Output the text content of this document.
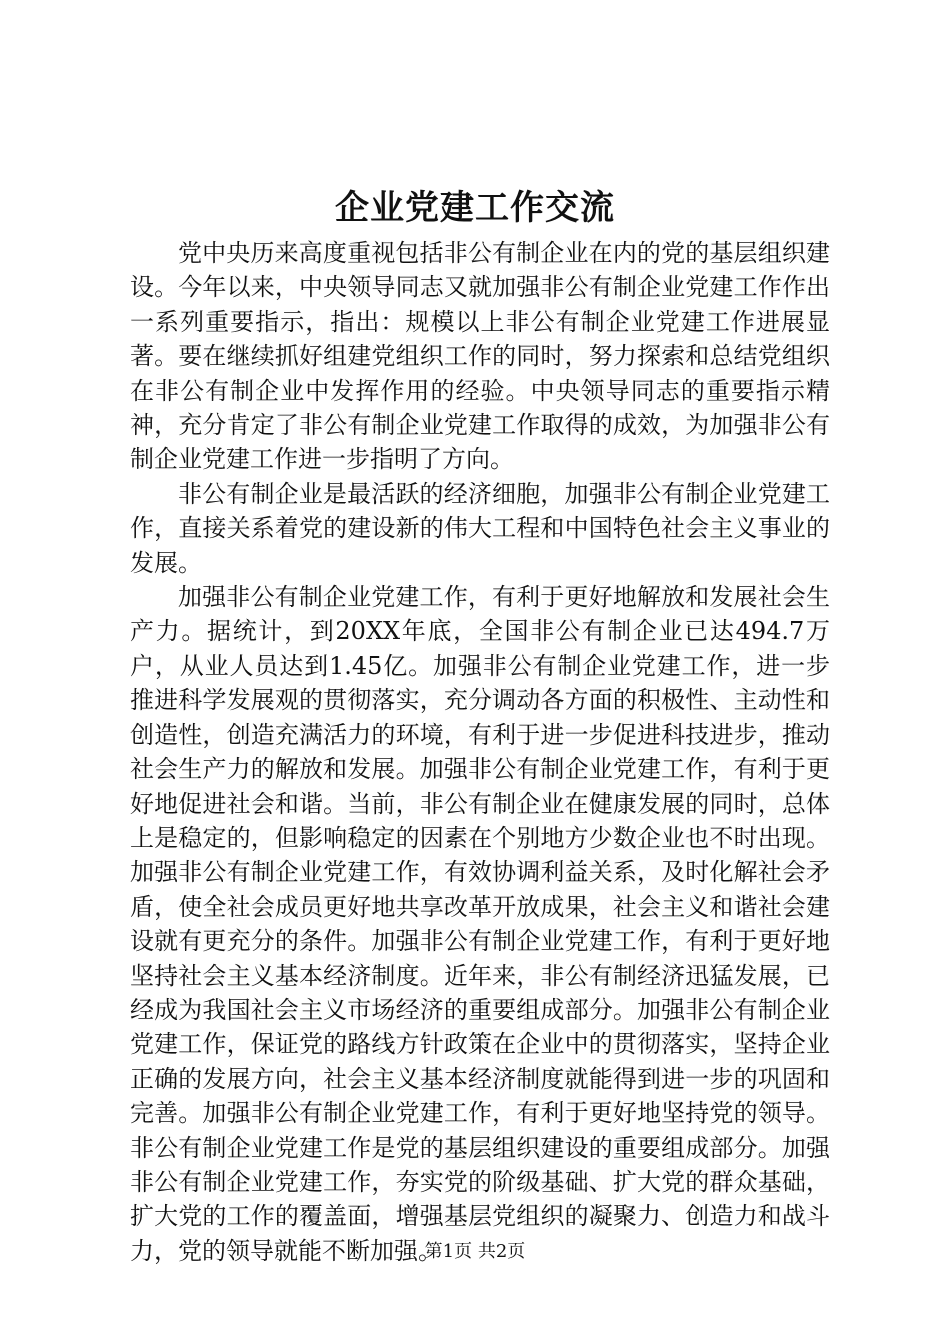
企业党建工作交流

党中央历来高度重视包括非公有制企业在内的党的基层组织建设。今年以来，中央领导同志又就加强非公有制企业党建工作作出一系列重要指示，指出：规模以上非公有制企业党建工作进展显著。要在继续抓好组建党组织工作的同时，努力探索和总结党组织在非公有制企业中发挥作用的经验。中央领导同志的重要指示精神，充分肯定了非公有制企业党建工作取得的成效，为加强非公有制企业党建工作进一步指明了方向。

非公有制企业是最活跃的经济细胞，加强非公有制企业党建工作，直接关系着党的建设新的伟大工程和中国特色社会主义事业的发展。

加强非公有制企业党建工作，有利于更好地解放和发展社会生产力。据统计，到20XX年底，全国非公有制企业已达494.7万户，从业人员达到1.45亿。加强非公有制企业党建工作，进一步推进科学发展观的贯彻落实，充分调动各方面的积极性、主动性和创造性，创造充满活力的环境，有利于进一步促进科技进步，推动社会生产力的解放和发展。加强非公有制企业党建工作，有利于更好地促进社会和谐。当前，非公有制企业在健康发展的同时，总体上是稳定的，但影响稳定的因素在个别地方少数企业也不时出现。加强非公有制企业党建工作，有效协调利益关系，及时化解社会矛盾，使全社会成员更好地共享改革开放成果，社会主义和谐社会建设就有更充分的条件。加强非公有制企业党建工作，有利于更好地坚持社会主义基本经济制度。近年来，非公有制经济迅猛发展，已经成为我国社会主义市场经济的重要组成部分。加强非公有制企业党建工作，保证党的路线方针政策在企业中的贯彻落实，坚持企业正确的发展方向，社会主义基本经济制度就能得到进一步的巩固和完善。加强非公有制企业党建工作，有利于更好地坚持党的领导。非公有制企业党建工作是党的基层组织建设的重要组成部分。加强非公有制企业党建工作，夯实党的阶级基础、扩大党的群众基础，扩大党的工作的覆盖面，增强基层党组织的凝聚力、创造力和战斗力，党的领导就能不断加强。

第1页 共2页
